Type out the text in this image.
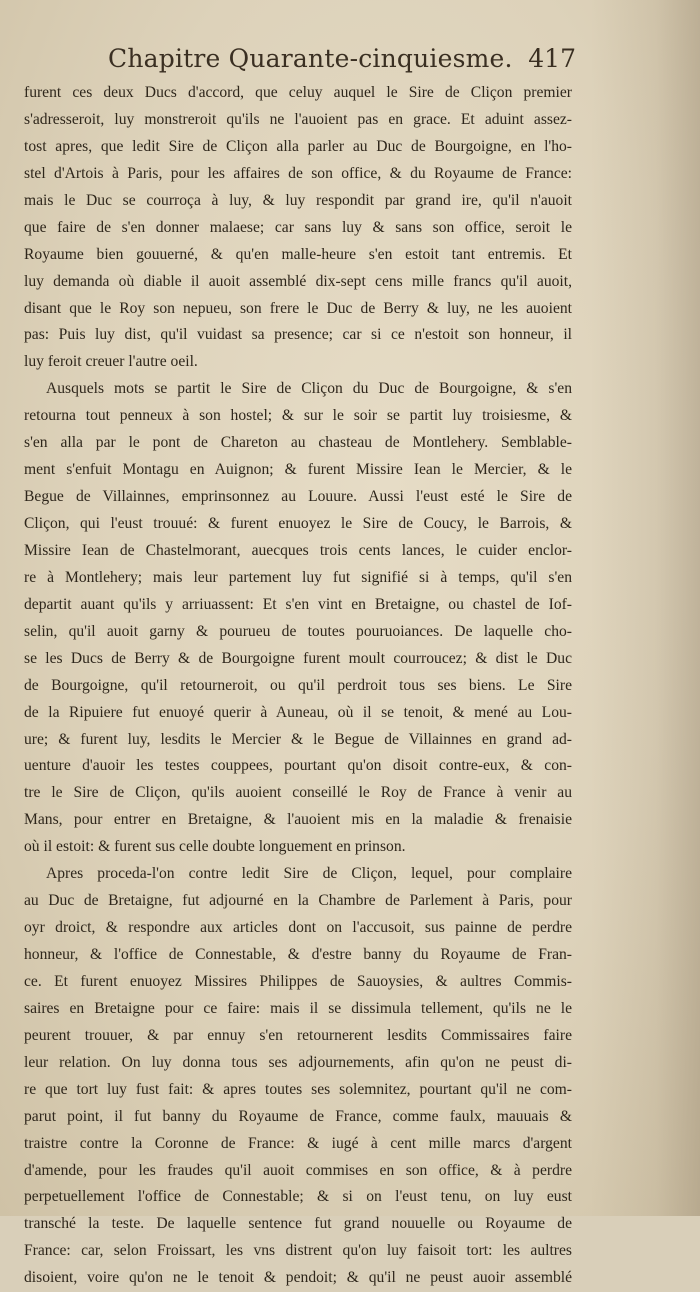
Chapitre Quarante-cinquiesme. 417
furent ces deux Ducs d'accord, que celuy auquel le Sire de Cliçon premier
s'adresseroit, luy monstreroit qu'ils ne l'auoient pas en grace. Et aduint assez-
tost apres, que ledit Sire de Cliçon alla parler au Duc de Bourgoigne, en l'ho-
stel d'Artois à Paris, pour les affaires de son office, & du Royaume de France:
mais le Duc se courroça à luy, & luy respondit par grand ire, qu'il n'auoit
que faire de s'en donner malaese; car sans luy & sans son office, seroit le
Royaume bien gouuerné, & qu'en malle-heure s'en estoit tant entremis. Et
luy demanda où diable il auoit assemblé dix-sept cens mille francs qu'il auoit,
disant que le Roy son nepueu, son frere le Duc de Berry & luy, ne les auoient
pas: Puis luy dist, qu'il vuidast sa presence; car si ce n'estoit son honneur, il
luy feroit creuer l'autre oeil.
Ausquels mots se partit le Sire de Cliçon du Duc de Bourgoigne, & s'en
retourna tout penneux à son hostel; & sur le soir se partit luy troisiesme, &
s'en alla par le pont de Chareton au chasteau de Montlehery. Semblable-
ment s'enfuit Montagu en Auignon; & furent Missire Iean le Mercier, & le
Begue de Villainnes, emprinsonnez au Louure. Aussi l'eust esté le Sire de
Cliçon, qui l'eust trouué: & furent enuoyez le Sire de Coucy, le Barrois, &
Missire Iean de Chastelmorant, auecques trois cents lances, le cuider enclor-
re à Montlehery; mais leur partement luy fut signifié si à temps, qu'il s'en
departit auant qu'ils y arriuassent: Et s'en vint en Bretaigne, ou chastel de Iof-
selin, qu'il auoit garny & pourueu de toutes pouruoiances. De laquelle cho-
se les Ducs de Berry & de Bourgoigne furent moult courroucez; & dist le Duc
de Bourgoigne, qu'il retourneroit, ou qu'il perdroit tous ses biens. Le Sire
de la Ripuiere fut enuoyé querir à Auneau, où il se tenoit, & mené au Lou-
ure; & furent luy, lesdits le Mercier & le Begue de Villainnes en grand ad-
uenture d'auoir les testes couppees, pourtant qu'on disoit contre-eux, & con-
tre le Sire de Cliçon, qu'ils auoient conseillé le Roy de France à venir au
Mans, pour entrer en Bretaigne, & l'auoient mis en la maladie & frenaisie
où il estoit: & furent sus celle doubte longuement en prinson.
Apres proceda-l'on contre ledit Sire de Cliçon, lequel, pour complaire
au Duc de Bretaigne, fut adjourné en la Chambre de Parlement à Paris, pour
oyr droict, & respondre aux articles dont on l'accusoit, sus painne de perdre
honneur, & l'office de Connestable, & d'estre banny du Royaume de Fran-
ce. Et furent enuoyez Missires Philippes de Sauoysies, & aultres Commis-
saires en Bretaigne pour ce faire: mais il se dissimula tellement, qu'ils ne le
peurent trouuer, & par ennuy s'en retournerent lesdits Commissaires faire
leur relation. On luy donna tous ses adjournements, afin qu'on ne peust di-
re que tort luy fust fait: & apres toutes ses solemnitez, pourtant qu'il ne com-
parut point, il fut banny du Royaume de France, comme faulx, mauuais &
traistre contre la Coronne de France: & iugé à cent mille marcs d'argent
d'amende, pour les fraudes qu'il auoit commises en son office, & à perdre
perpetuellement l'office de Connestable; & si on l'eust tenu, on luy eust
transché la teste. De laquelle sentence fut grand nouuelle ou Royaume de
France: car, selon Froissart, les vns distrent qu'on luy faisoit tort: les aultres
disoient, voire qu'on ne le tenoit & pendoit; & qu'il ne peust auoir assemblé
